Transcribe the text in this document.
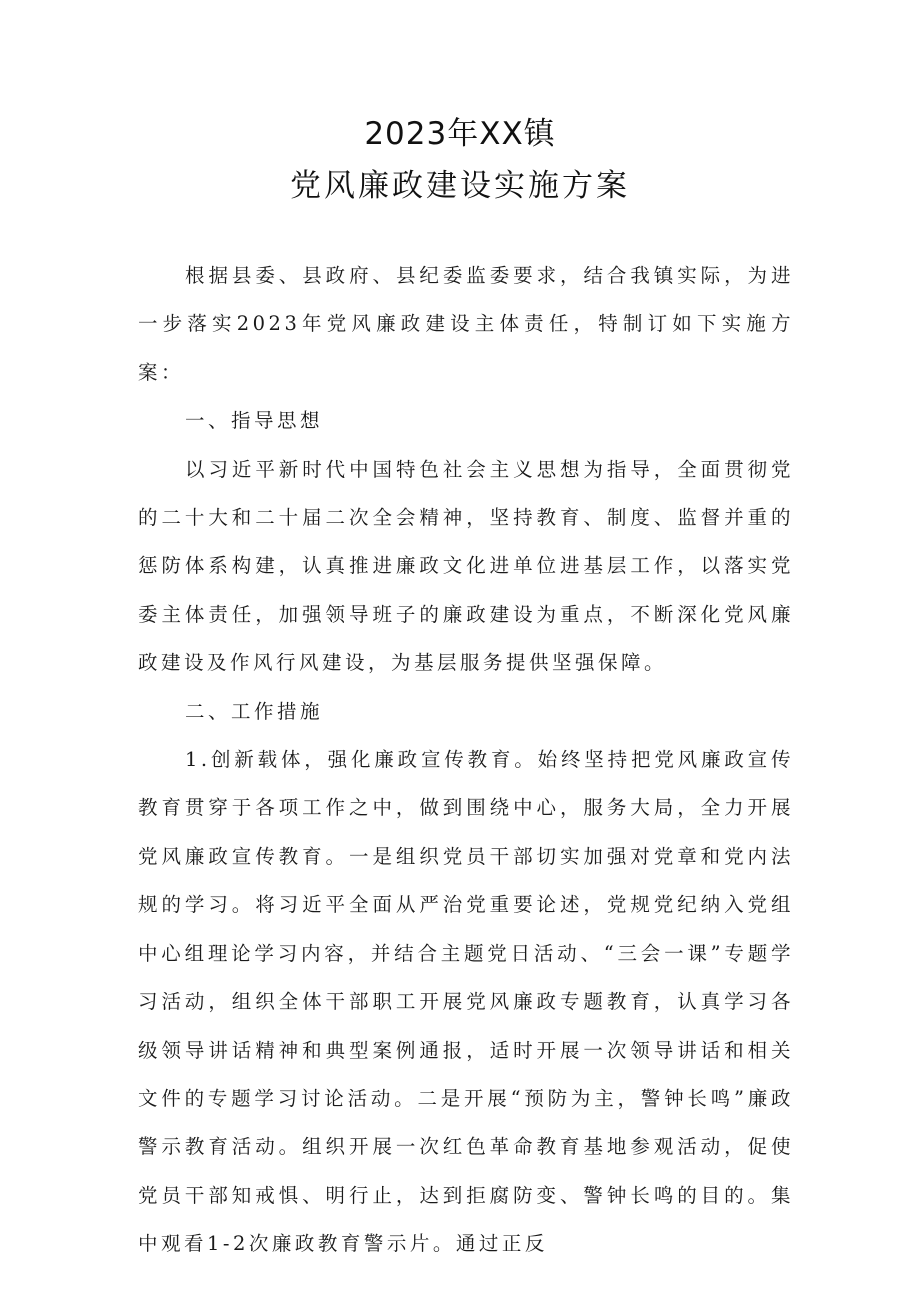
2023年XX镇
党风廉政建设实施方案

根据县委、县政府、县纪委监委要求，结合我镇实际，为进一步落实2023年党风廉政建设主体责任，特制订如下实施方案：

一、指导思想

以习近平新时代中国特色社会主义思想为指导，全面贯彻党的二十大和二十届二次全会精神，坚持教育、制度、监督并重的惩防体系构建，认真推进廉政文化进单位进基层工作，以落实党委主体责任，加强领导班子的廉政建设为重点，不断深化党风廉政建设及作风行风建设，为基层服务提供坚强保障。

二、工作措施

1.创新载体，强化廉政宣传教育。始终坚持把党风廉政宣传教育贯穿于各项工作之中，做到围绕中心，服务大局，全力开展党风廉政宣传教育。一是组织党员干部切实加强对党章和党内法规的学习。将习近平全面从严治党重要论述，党规党纪纳入党组中心组理论学习内容，并结合主题党日活动、“三会一课”专题学习活动，组织全体干部职工开展党风廉政专题教育，认真学习各级领导讲话精神和典型案例通报，适时开展一次领导讲话和相关文件的专题学习讨论活动。二是开展“预防为主，警钟长鸣”廉政警示教育活动。组织开展一次红色革命教育基地参观活动，促使党员干部知戒惧、明行止，达到拒腐防变、警钟长鸣的目的。集中观看1-2次廉政教育警示片。通过正反
